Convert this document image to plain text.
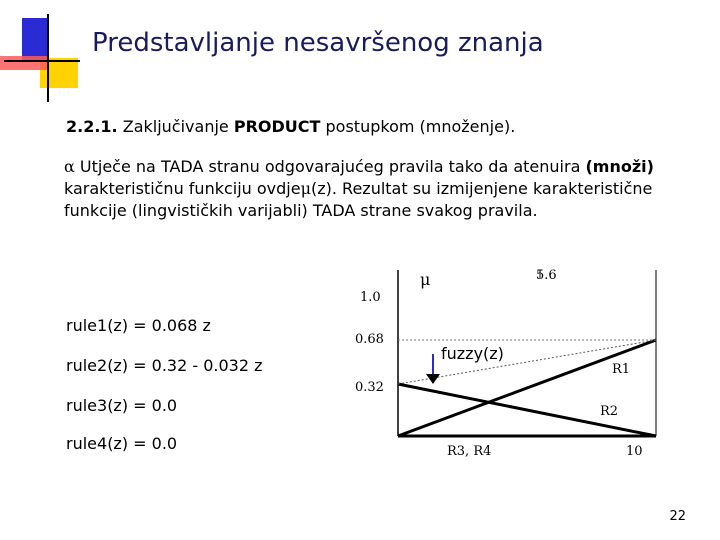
Predstavljanje nesavršenog znanja
2.2.1. Zaključivanje PRODUCT postupkom (množenje).
α Utječe na TADA stranu odgovarajućeg pravila tako da atenuira (množi) karakterističnu funkciju ovdjeμ(z). Rezultat su izmijenjene karakteristične funkcije (lingvističkih varijabli) TADA strane svakog pravila.
rule1(z) = 0.068 z
rule2(z) = 0.32 - 0.032 z
rule3(z) = 0.0
rule4(z) = 0.0
μ
1.0
0.68
0.32
5.6
10
R1
R2
R3, R4
fuzzy(z)
22
